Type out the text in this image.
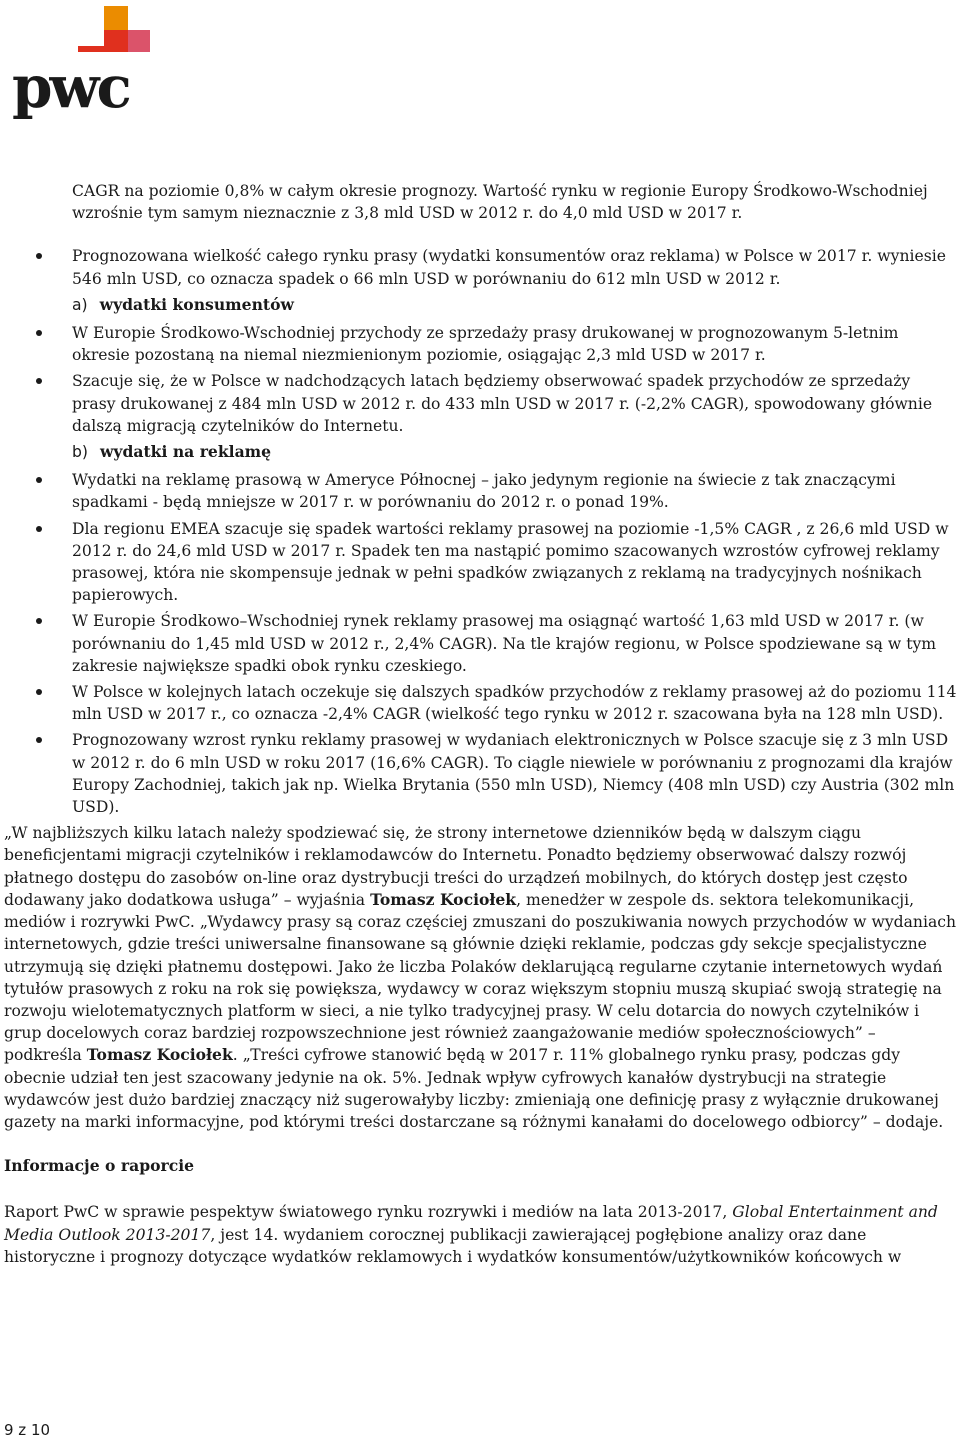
pwc

CAGR na poziomie 0,8% w całym okresie prognozy. Wartość rynku w regionie Europy Środkowo-Wschodniej wzrośnie tym samym nieznacznie z 3,8 mld USD w 2012 r. do 4,0 mld USD w 2017 r.

Prognozowana wielkość całego rynku prasy (wydatki konsumentów oraz reklama) w Polsce w 2017 r. wyniesie 546 mln USD, co oznacza spadek o 66 mln USD w porównaniu do 612 mln USD w 2012 r.
a) wydatki konsumentów
W Europie Środkowo-Wschodniej przychody ze sprzedaży prasy drukowanej w prognozowanym 5-letnim okresie pozostaną na niemal niezmienionym poziomie, osiągając 2,3 mld USD w 2017 r.
Szacuje się, że w Polsce w nadchodzących latach będziemy obserwować spadek przychodów ze sprzedaży prasy drukowanej z 484 mln USD w 2012 r. do 433 mln USD w 2017 r. (-2,2% CAGR), spowodowany głównie dalszą migracją czytelników do Internetu.
b) wydatki na reklamę
Wydatki na reklamę prasową w Ameryce Północnej – jako jedynym regionie na świecie z tak znaczącymi spadkami - będą mniejsze w 2017 r. w porównaniu do 2012 r. o ponad 19%.
Dla regionu EMEA szacuje się spadek wartości reklamy prasowej na poziomie -1,5% CAGR , z 26,6 mld USD w 2012 r. do 24,6 mld USD w 2017 r. Spadek ten ma nastąpić pomimo szacowanych wzrostów cyfrowej reklamy prasowej, która nie skompensuje jednak w pełni spadków związanych z reklamą na tradycyjnych nośnikach papierowych.
W Europie Środkowo–Wschodniej rynek reklamy prasowej ma osiągnąć wartość 1,63 mld USD w 2017 r. (w porównaniu do 1,45 mld USD w 2012 r., 2,4% CAGR). Na tle krajów regionu, w Polsce spodziewane są w tym zakresie największe spadki obok rynku czeskiego.
W Polsce w kolejnych latach oczekuje się dalszych spadków przychodów z reklamy prasowej aż do poziomu 114 mln USD w 2017 r., co oznacza -2,4% CAGR (wielkość tego rynku w 2012 r. szacowana była na 128 mln USD).
Prognozowany wzrost rynku reklamy prasowej w wydaniach elektronicznych w Polsce szacuje się z 3 mln USD w 2012 r. do 6 mln USD w roku 2017 (16,6% CAGR). To ciągle niewiele w porównaniu z prognozami dla krajów Europy Zachodniej, takich jak np. Wielka Brytania (550 mln USD), Niemcy (408 mln USD) czy Austria (302 mln USD).

„W najbliższych kilku latach należy spodziewać się, że strony internetowe dzienników będą w dalszym ciągu beneficjentami migracji czytelników i reklamodawców do Internetu. Ponadto będziemy obserwować dalszy rozwój płatnego dostępu do zasobów on-line oraz dystrybucji treści do urządzeń mobilnych, do których dostęp jest często dodawany jako dodatkowa usługa” – wyjaśnia Tomasz Kociołek, menedżer w zespole ds. sektora telekomunikacji, mediów i rozrywki PwC. „Wydawcy prasy są coraz częściej zmuszani do poszukiwania nowych przychodów w wydaniach internetowych, gdzie treści uniwersalne finansowane są głównie dzięki reklamie, podczas gdy sekcje specjalistyczne utrzymują się dzięki płatnemu dostępowi. Jako że liczba Polaków deklarującą regularne czytanie internetowych wydań tytułów prasowych z roku na rok się powiększa, wydawcy w coraz większym stopniu muszą skupiać swoją strategię na rozwoju wielotematycznych platform w sieci, a nie tylko tradycyjnej prasy. W celu dotarcia do nowych czytelników i grup docelowych coraz bardziej rozpowszechnione jest również zaangażowanie mediów społecznościowych” – podkreśla Tomasz Kociołek. „Treści cyfrowe stanowić będą w 2017 r. 11% globalnego rynku prasy, podczas gdy obecnie udział ten jest szacowany jedynie na ok. 5%. Jednak wpływ cyfrowych kanałów dystrybucji na strategie wydawców jest dużo bardziej znaczący niż sugerowałyby liczby: zmieniają one definicję prasy z wyłącznie drukowanej gazety na marki informacyjne, pod którymi treści dostarczane są różnymi kanałami do docelowego odbiorcy” – dodaje.

Informacje o raporcie

Raport PwC w sprawie pespektyw światowego rynku rozrywki i mediów na lata 2013-2017, Global Entertainment and Media Outlook 2013-2017, jest 14. wydaniem corocznej publikacji zawierającej pogłębione analizy oraz dane historyczne i prognozy dotyczące wydatków reklamowych i wydatków konsumentów/użytkowników końcowych w

9 z 10
